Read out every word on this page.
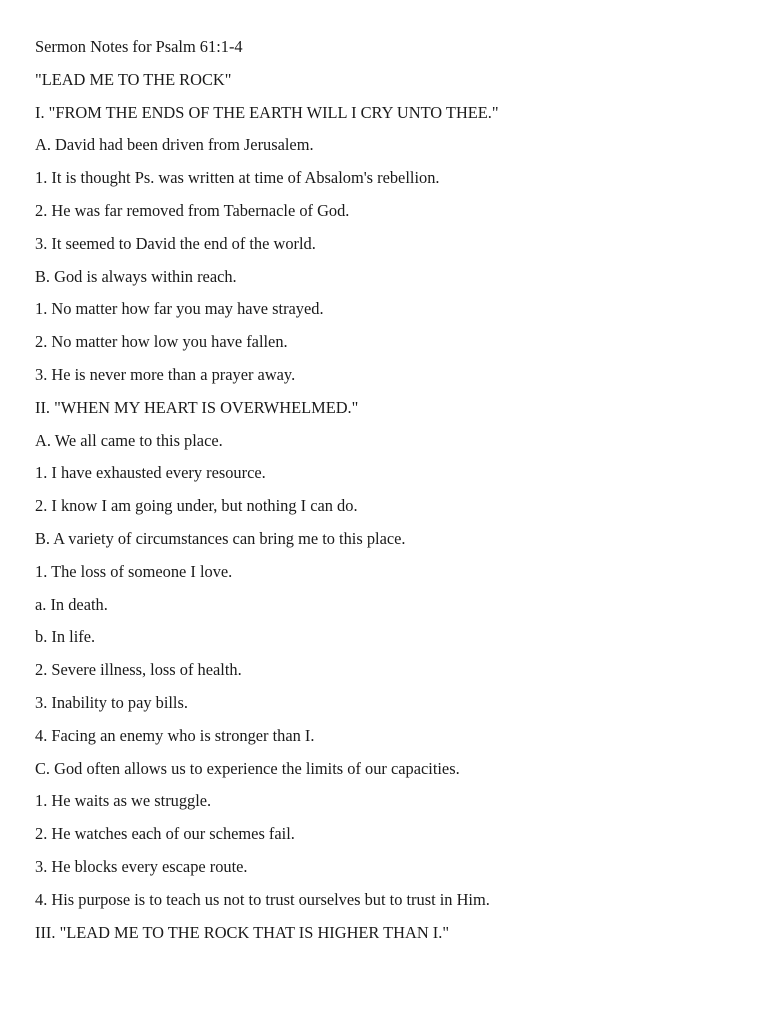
Sermon Notes for Psalm 61:1-4
"LEAD ME TO THE ROCK"
I. "FROM THE ENDS OF THE EARTH WILL I CRY UNTO THEE."
A. David had been driven from Jerusalem.
1. It is thought Ps. was written at time of Absalom's rebellion.
2. He was far removed from Tabernacle of God.
3. It seemed to David the end of the world.
B. God is always within reach.
1. No matter how far you may have strayed.
2. No matter how low you have fallen.
3. He is never more than a prayer away.
II. "WHEN MY HEART IS OVERWHELMED."
A. We all came to this place.
1. I have exhausted every resource.
2. I know I am going under, but nothing I can do.
B. A variety of circumstances can bring me to this place.
1. The loss of someone I love.
a. In death.
b. In life.
2. Severe illness, loss of health.
3. Inability to pay bills.
4. Facing an enemy who is stronger than I.
C. God often allows us to experience the limits of our capacities.
1. He waits as we struggle.
2. He watches each of our schemes fail.
3. He blocks every escape route.
4. His purpose is to teach us not to trust ourselves but to trust in Him.
III. "LEAD ME TO THE ROCK THAT IS HIGHER THAN I."
